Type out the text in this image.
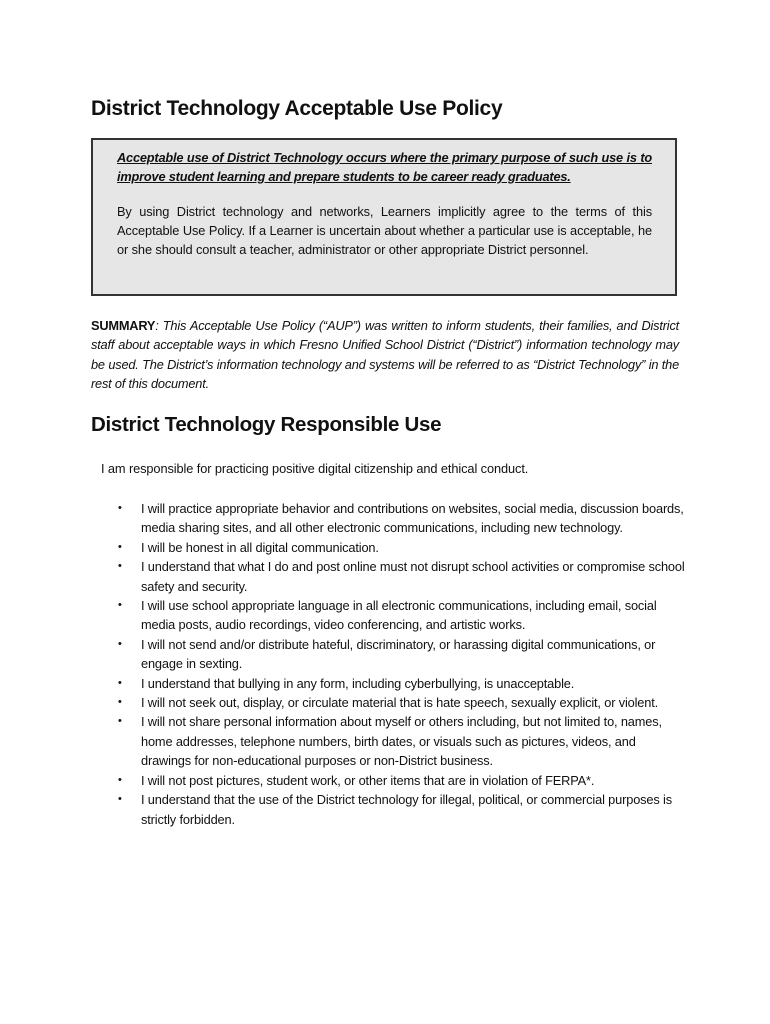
District Technology Acceptable Use Policy

Acceptable use of District Technology occurs where the primary purpose of such use is to improve student learning and prepare students to be career ready graduates.

By using District technology and networks, Learners implicitly agree to the terms of this Acceptable Use Policy. If a Learner is uncertain about whether a particular use is acceptable, he or she should consult a teacher, administrator or other appropriate District personnel.

SUMMARY: This Acceptable Use Policy (“AUP”) was written to inform students, their families, and District staff about acceptable ways in which Fresno Unified School District (“District”) information technology may be used. The District’s information technology and systems will be referred to as “District Technology” in the rest of this document.

District Technology Responsible Use

I am responsible for practicing positive digital citizenship and ethical conduct.

• I will practice appropriate behavior and contributions on websites, social media, discussion boards, media sharing sites, and all other electronic communications, including new technology.
• I will be honest in all digital communication.
• I understand that what I do and post online must not disrupt school activities or compromise school safety and security.
• I will use school appropriate language in all electronic communications, including email, social media posts, audio recordings, video conferencing, and artistic works.
• I will not send and/or distribute hateful, discriminatory, or harassing digital communications, or engage in sexting.
• I understand that bullying in any form, including cyberbullying, is unacceptable.
• I will not seek out, display, or circulate material that is hate speech, sexually explicit, or violent.
• I will not share personal information about myself or others including, but not limited to, names, home addresses, telephone numbers, birth dates, or visuals such as pictures, videos, and drawings for non-educational purposes or non-District business.
• I will not post pictures, student work, or other items that are in violation of FERPA*.
• I understand that the use of the District technology for illegal, political, or commercial purposes is strictly forbidden.
